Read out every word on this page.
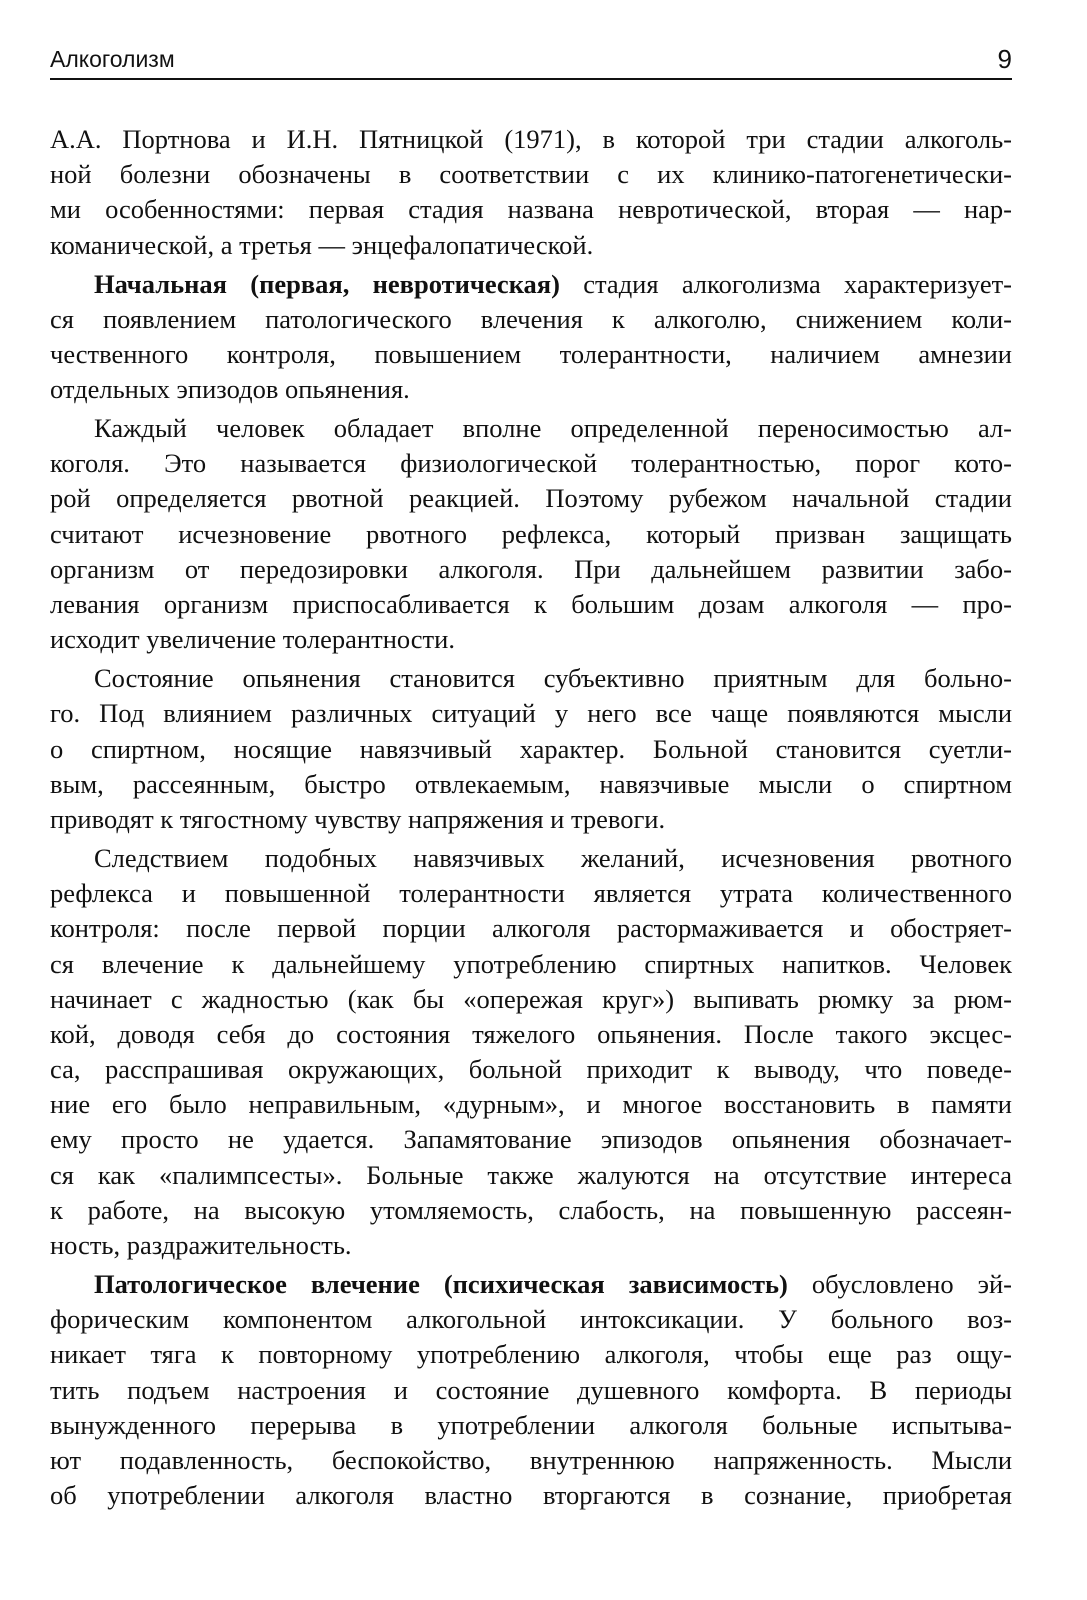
Алкоголизм	9
А.А. Портнова и И.Н. Пятницкой (1971), в которой три стадии алкоголь-
ной болезни обозначены в соответствии с их клинико-патогенетически-
ми особенностями: первая стадия названа невротической, вторая — нар-
команической, а третья — энцефалопатической.
Начальная (первая, невротическая) стадия алкоголизма характеризует-
ся появлением патологического влечения к алкоголю, снижением коли-
чественного контроля, повышением толерантности, наличием амнезии
отдельных эпизодов опьянения.
Каждый человек обладает вполне определенной переносимостью ал-
коголя. Это называется физиологической толерантностью, порог кото-
рой определяется рвотной реакцией. Поэтому рубежом начальной стадии
считают исчезновение рвотного рефлекса, который призван защищать
организм от передозировки алкоголя. При дальнейшем развитии забо-
левания организм приспосабливается к большим дозам алкоголя — про-
исходит увеличение толерантности.
Состояние опьянения становится субъективно приятным для больно-
го. Под влиянием различных ситуаций у него все чаще появляются мысли
о спиртном, носящие навязчивый характер. Больной становится суетли-
вым, рассеянным, быстро отвлекаемым, навязчивые мысли о спиртном
приводят к тягостному чувству напряжения и тревоги.
Следствием подобных навязчивых желаний, исчезновения рвотного
рефлекса и повышенной толерантности является утрата количественного
контроля: после первой порции алкоголя растормаживается и обостряет-
ся влечение к дальнейшему употреблению спиртных напитков. Человек
начинает с жадностью (как бы «опережая круг») выпивать рюмку за рюм-
кой, доводя себя до состояния тяжелого опьянения. После такого эксцес-
са, расспрашивая окружающих, больной приходит к выводу, что поведе-
ние его было неправильным, «дурным», и многое восстановить в памяти
ему просто не удается. Запамятование эпизодов опьянения обозначает-
ся как «палимпсесты». Больные также жалуются на отсутствие интереса
к работе, на высокую утомляемость, слабость, на повышенную рассеян-
ность, раздражительность.
Патологическое влечение (психическая зависимость) обусловлено эй-
форическим компонентом алкогольной интоксикации. У больного воз-
никает тяга к повторному употреблению алкоголя, чтобы еще раз ощу-
тить подъем настроения и состояние душевного комфорта. В периоды
вынужденного перерыва в употреблении алкоголя больные испытыва-
ют подавленность, беспокойство, внутреннюю напряженность. Мысли
об употреблении алкоголя властно вторгаются в сознание, приобретая
